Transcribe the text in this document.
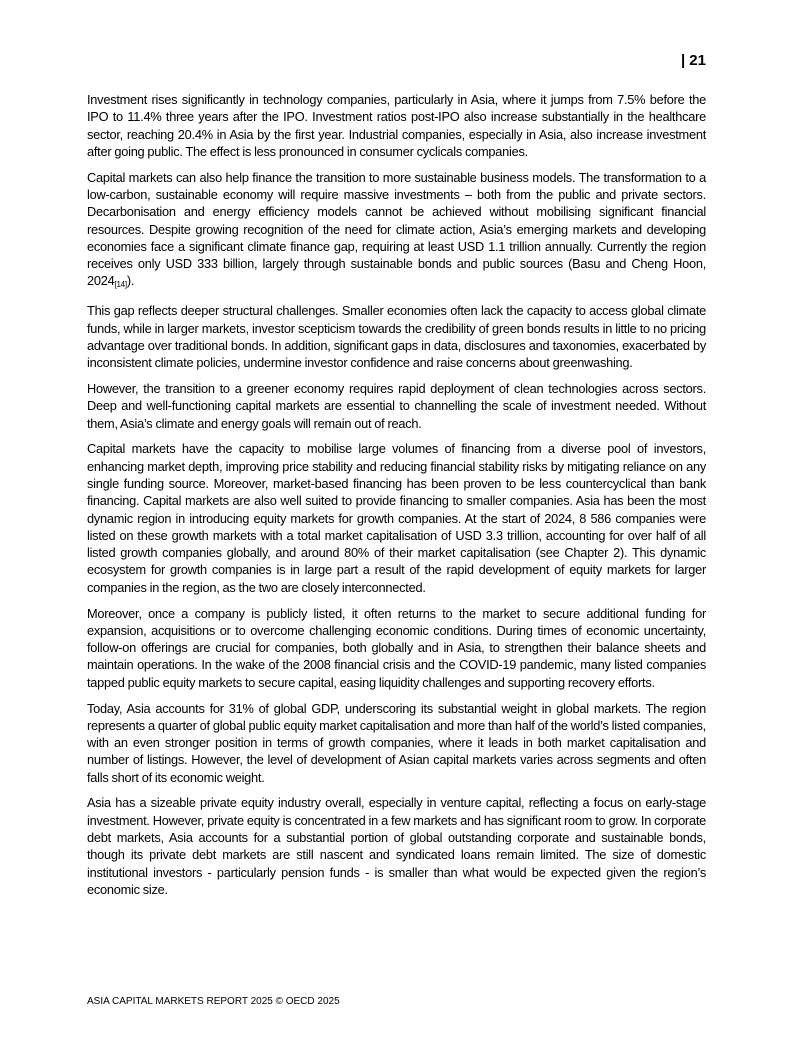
| 21

Investment rises significantly in technology companies, particularly in Asia, where it jumps from 7.5% before the IPO to 11.4% three years after the IPO. Investment ratios post-IPO also increase substantially in the healthcare sector, reaching 20.4% in Asia by the first year. Industrial companies, especially in Asia, also increase investment after going public. The effect is less pronounced in consumer cyclicals companies.

Capital markets can also help finance the transition to more sustainable business models. The transformation to a low-carbon, sustainable economy will require massive investments – both from the public and private sectors. Decarbonisation and energy efficiency models cannot be achieved without mobilising significant financial resources. Despite growing recognition of the need for climate action, Asia’s emerging markets and developing economies face a significant climate finance gap, requiring at least USD 1.1 trillion annually. Currently the region receives only USD 333 billion, largely through sustainable bonds and public sources (Basu and Cheng Hoon, $2024_{[14]}$).

This gap reflects deeper structural challenges. Smaller economies often lack the capacity to access global climate funds, while in larger markets, investor scepticism towards the credibility of green bonds results in little to no pricing advantage over traditional bonds. In addition, significant gaps in data, disclosures and taxonomies, exacerbated by inconsistent climate policies, undermine investor confidence and raise concerns about greenwashing.

However, the transition to a greener economy requires rapid deployment of clean technologies across sectors. Deep and well-functioning capital markets are essential to channelling the scale of investment needed. Without them, Asia’s climate and energy goals will remain out of reach.

Capital markets have the capacity to mobilise large volumes of financing from a diverse pool of investors, enhancing market depth, improving price stability and reducing financial stability risks by mitigating reliance on any single funding source. Moreover, market-based financing has been proven to be less countercyclical than bank financing. Capital markets are also well suited to provide financing to smaller companies. Asia has been the most dynamic region in introducing equity markets for growth companies. At the start of 2024, 8 586 companies were listed on these growth markets with a total market capitalisation of USD 3.3 trillion, accounting for over half of all listed growth companies globally, and around 80% of their market capitalisation (see Chapter 2). This dynamic ecosystem for growth companies is in large part a result of the rapid development of equity markets for larger companies in the region, as the two are closely interconnected.

Moreover, once a company is publicly listed, it often returns to the market to secure additional funding for expansion, acquisitions or to overcome challenging economic conditions. During times of economic uncertainty, follow-on offerings are crucial for companies, both globally and in Asia, to strengthen their balance sheets and maintain operations. In the wake of the 2008 financial crisis and the COVID-19 pandemic, many listed companies tapped public equity markets to secure capital, easing liquidity challenges and supporting recovery efforts.

Today, Asia accounts for 31% of global GDP, underscoring its substantial weight in global markets. The region represents a quarter of global public equity market capitalisation and more than half of the world’s listed companies, with an even stronger position in terms of growth companies, where it leads in both market capitalisation and number of listings. However, the level of development of Asian capital markets varies across segments and often falls short of its economic weight.

Asia has a sizeable private equity industry overall, especially in venture capital, reflecting a focus on early-stage investment. However, private equity is concentrated in a few markets and has significant room to grow. In corporate debt markets, Asia accounts for a substantial portion of global outstanding corporate and sustainable bonds, though its private debt markets are still nascent and syndicated loans remain limited. The size of domestic institutional investors - particularly pension funds - is smaller than what would be expected given the region’s economic size.

ASIA CAPITAL MARKETS REPORT 2025 © OECD 2025
